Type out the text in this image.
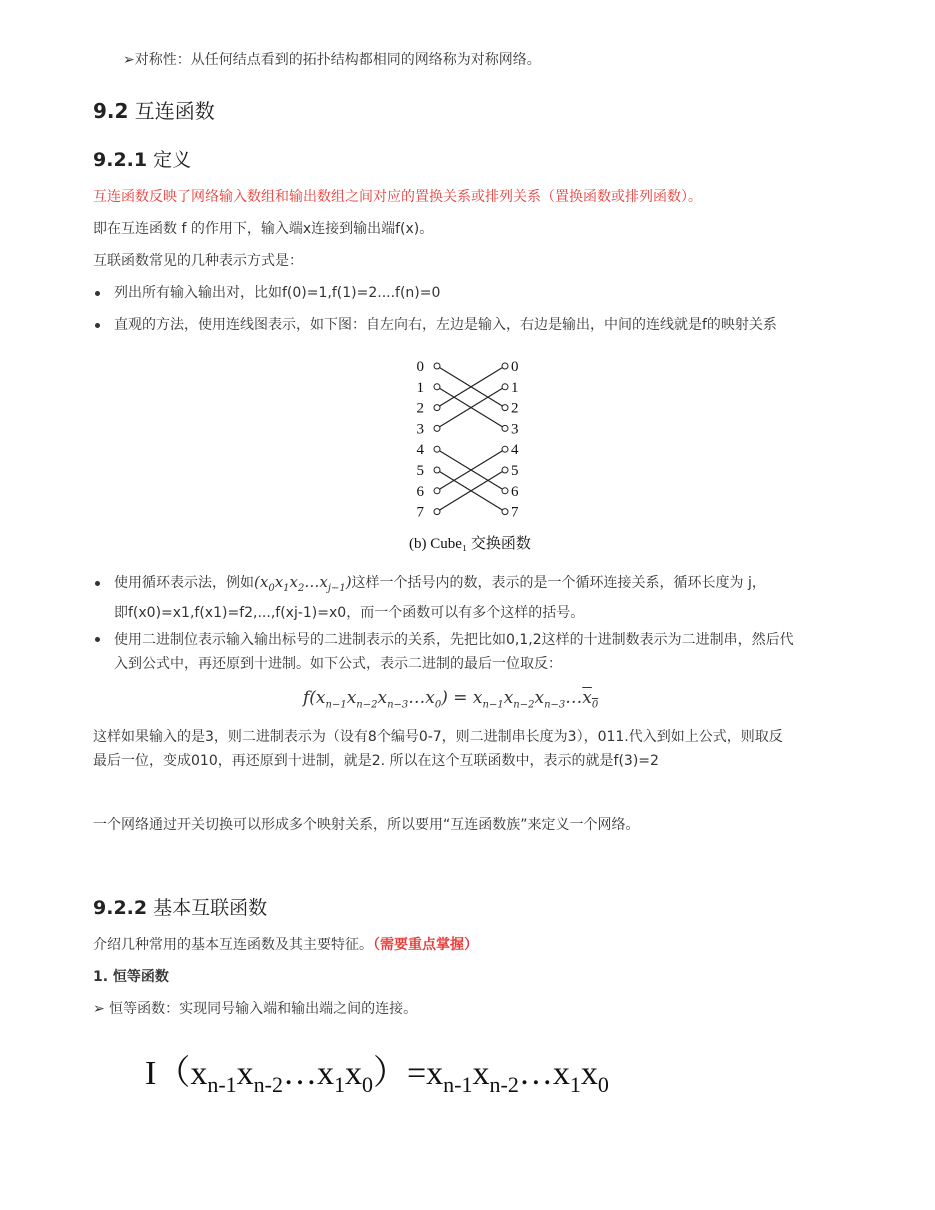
➢对称性：从任何结点看到的拓扑结构都相同的网络称为对称网络。
9.2 互连函数
9.2.1 定义
互连函数反映了网络输入数组和输出数组之间对应的置换关系或排列关系（置换函数或排列函数）。
即在互连函数 f 的作用下，输入端x连接到输出端f(x)。
互联函数常见的几种表示方式是：
列出所有输入输出对，比如f(0)=1,f(1)=2....f(n)=0
直观的方法，使用连线图表示，如下图：自左向右，左边是输入，右边是输出，中间的连线就是f的映射关系
使用循环表示法，例如$(x_0x_1x_2\dots x_{j-1})$这样一个括号内的数，表示的是一个循环连接关系，循环长度为 j，
即f(x0)=x1,f(x1)=f2,...,f(xj-1)=x0，而一个函数可以有多个这样的括号。
使用二进制位表示输入输出标号的二进制表示的关系，先把比如0,1,2这样的十进制数表示为二进制串，然后代
入到公式中，再还原到十进制。如下公式，表示二进制的最后一位取反：
$f(x_{n-1}x_{n-2}x_{n-3}\dots x_0)$ = $x_{n-1}x_{n-2}x_{n-3}\dots x_0$
这样如果输入的是3，则二进制表示为（设有8个编号0-7，则二进制串长度为3），011.代入到如上公式，则取反
最后一位，变成010，再还原到十进制，就是2. 所以在这个互联函数中，表示的就是f(3)=2
一个网络通过开关切换可以形成多个映射关系，所以要用“互连函数族”来定义一个网络。
9.2.2 基本互联函数
介绍几种常用的基本互连函数及其主要特征。（需要重点掌握）
1. 恒等函数
➢ 恒等函数：实现同号输入端和输出端之间的连接。
0
1
2
3
4
5
6
7
0
1
2
3
4
5
6
7
(b) Cube₁ 交换函数
$I(x_{n-1}x_{n-2}\dots x_1x_0)=x_{n-1}x_{n-2}\dots x_1x_0$
